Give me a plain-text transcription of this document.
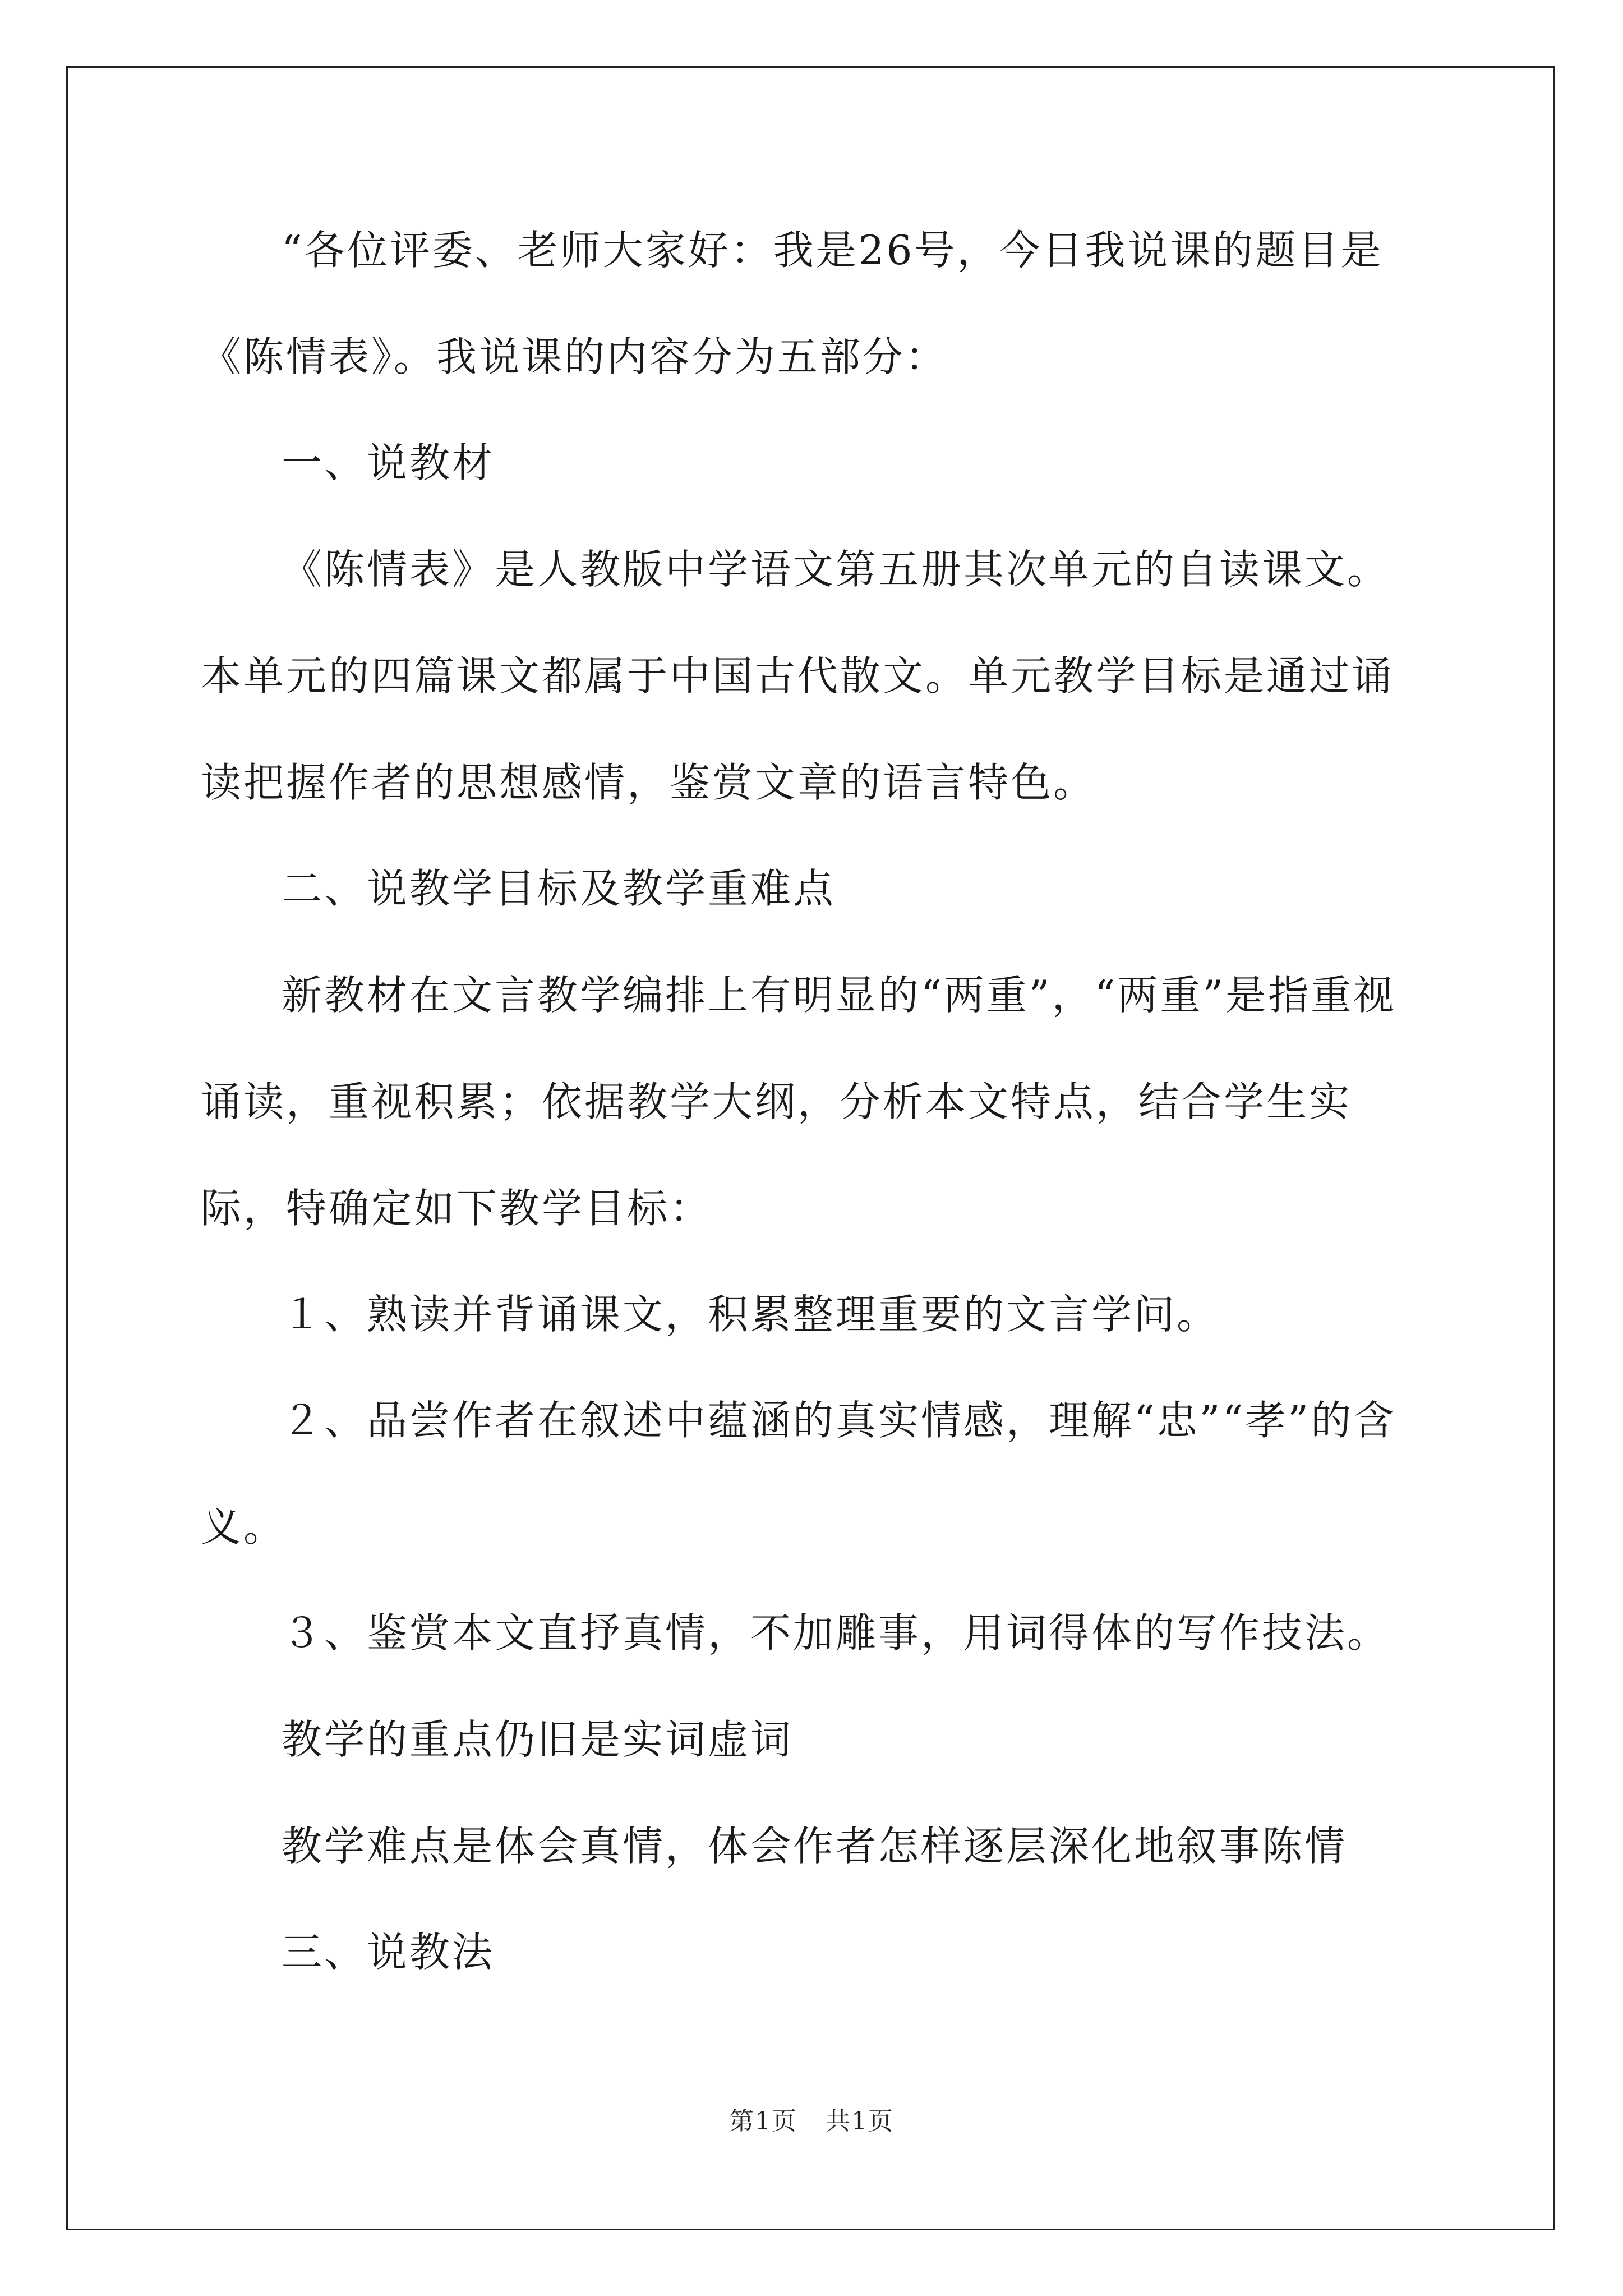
“各位评委、老师大家好：我是26号，今日我说课的题目是《陈情表》。我说课的内容分为五部分：

一、说教材

《陈情表》是人教版中学语文第五册其次单元的自读课文。本单元的四篇课文都属于中国古代散文。单元教学目标是通过诵读把握作者的思想感情，鉴赏文章的语言特色。

二、说教学目标及教学重难点

新教材在文言教学编排上有明显的“两重”，“两重”是指重视诵读，重视积累；依据教学大纲，分析本文特点，结合学生实际，特确定如下教学目标：

１、熟读并背诵课文，积累整理重要的文言学问。

２、品尝作者在叙述中蕴涵的真实情感，理解“忠”“孝”的含义。

３、鉴赏本文直抒真情，不加雕事，用词得体的写作技法。

教学的重点仍旧是实词虚词

教学难点是体会真情，体会作者怎样逐层深化地叙事陈情

三、说教法

第1页 共1页
